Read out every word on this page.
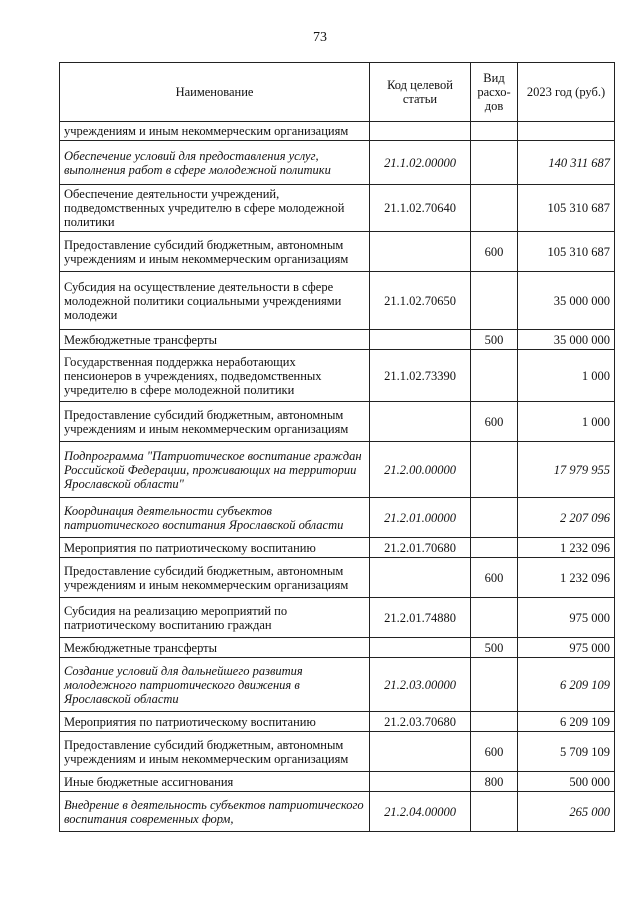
73
Наименование	Код целевой статьи	Вид расхо-дов	2023 год (руб.)
учреждениям и иным некоммерческим организациям			
Обеспечение условий для предоставления услуг, выполнения работ в сфере молодежной политики	21.1.02.00000		140 311 687
Обеспечение деятельности учреждений, подведомственных учредителю в сфере молодежной политики	21.1.02.70640		105 310 687
Предоставление субсидий бюджетным, автономным учреждениям и иным некоммерческим организациям		600	105 310 687
Субсидия на осуществление деятельности в сфере молодежной политики социальными учреждениями молодежи	21.1.02.70650		35 000 000
Межбюджетные трансферты		500	35 000 000
Государственная поддержка неработающих пенсионеров в учреждениях, подведомственных учредителю в сфере молодежной политики	21.1.02.73390		1 000
Предоставление субсидий бюджетным, автономным учреждениям и иным некоммерческим организациям		600	1 000
Подпрограмма "Патриотическое воспитание граждан Российской Федерации, проживающих на территории Ярославской области"	21.2.00.00000		17 979 955
Координация деятельности субъектов патриотического воспитания Ярославской области	21.2.01.00000		2 207 096
Мероприятия по патриотическому воспитанию	21.2.01.70680		1 232 096
Предоставление субсидий бюджетным, автономным учреждениям и иным некоммерческим организациям		600	1 232 096
Субсидия на реализацию мероприятий по патриотическому воспитанию граждан	21.2.01.74880		975 000
Межбюджетные трансферты		500	975 000
Создание условий для дальнейшего развития молодежного патриотического движения в Ярославской области	21.2.03.00000		6 209 109
Мероприятия по патриотическому воспитанию	21.2.03.70680		6 209 109
Предоставление субсидий бюджетным, автономным учреждениям и иным некоммерческим организациям		600	5 709 109
Иные бюджетные ассигнования		800	500 000
Внедрение в деятельность субъектов патриотического воспитания современных форм,	21.2.04.00000		265 000
